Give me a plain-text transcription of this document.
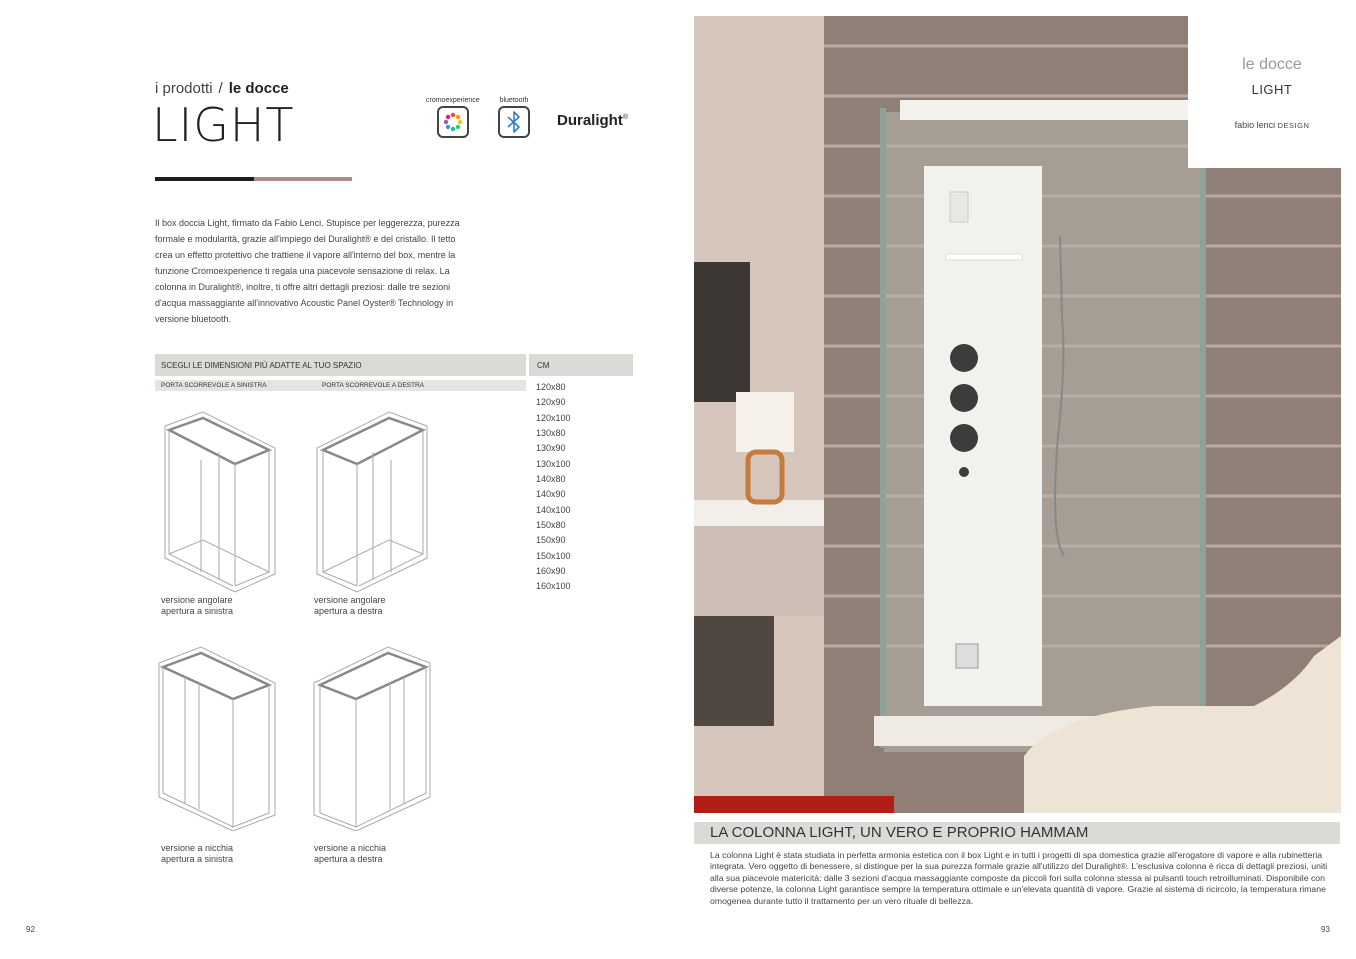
i prodotti / le docce
LIGHT	cromoexperience	bluetooth
Duralight®
Il box doccia Light, firmato da Fabio Lenci. Stupisce per leggerezza, purezza formale e modularità, grazie all'impiego del Duralight® e del cristallo. Il tetto crea un effetto protettivo che trattiene il vapore all'interno del box, mentre la funzione Cromoexperience ti regala una piacevole sensazione di relax. La colonna in Duralight®, inoltre, ti offre altri dettagli preziosi: dalle tre sezioni d'acqua massaggiante all'innovativo Acoustic Panel Oyster® Technology in versione bluetooth.
SCEGLI LE DIMENSIONI PIÙ ADATTE AL TUO SPAZIO	CM
PORTA SCORREVOLE A SINISTRA	PORTA SCORREVOLE A DESTRA	120x80
120x90
120x100
130x80
130x90
130x100
140x80
140x90
140x100
150x80
150x90
150x100
160x90
160x100
versione angolare
apertura a sinistra
versione angolare
apertura a destra
versione a nicchia
apertura a sinistra
versione a nicchia
apertura a destra
92
le docce
LIGHT
fabio lenci DESIGN
LA COLONNA LIGHT, UN VERO E PROPRIO HAMMAM
La colonna Light è stata studiata in perfetta armonia estetica con il box Light e in tutti i progetti di spa domestica grazie all'erogatore di vapore e alla rubinetteria integrata. Vero oggetto di benessere, si distingue per la sua purezza formale grazie all'utilizzo del Duralight®. L'esclusiva colonna è ricca di dettagli preziosi, uniti alla sua piacevole matericità: dalle 3 sezioni d'acqua massaggiante composte da piccoli fori sulla colonna stessa ai pulsanti touch retroilluminati. Disponibile con diverse potenze, la colonna Light garantisce sempre la temperatura ottimale e un'elevata quantità di vapore. Grazie al sistema di ricircolo, la temperatura rimane omogenea durante tutto il trattamento per un vero rituale di bellezza.
93
